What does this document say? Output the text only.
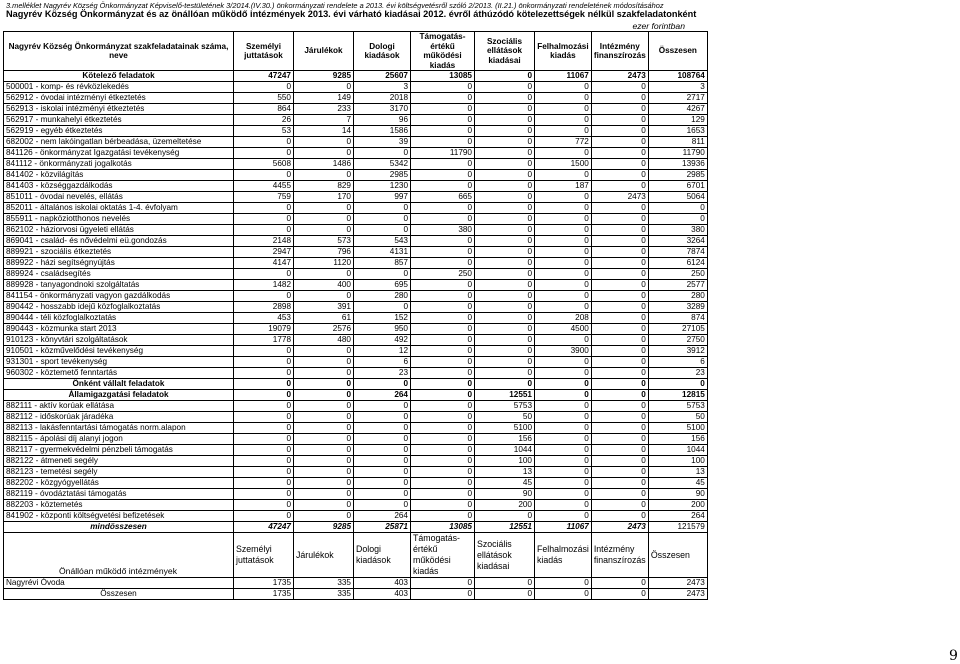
3.melléklet Nagyrév Község Önkormányzat Képviselő-testületének 3/2014.(IV.30.) önkormányzati rendelete a 2013. évi költségvetésről szóló 2/2013. (II.21.) önkormányzati rendeletének módosításához
Nagyrév Község Önkormányzat és az önállóan működő intézmények 2013. évi várható kiadásai 2012. évről áthúzódó kötelezettségek nélkül szakfeladatonként
ezer forintban
Nagyrév Község Önkormányzat szakfeladatainak száma, neve	Személyi juttatások	Járulékok	Dologi kiadások	Támogatás-értékű működési kiadás	Szociális ellátások kiadásai	Felhalmozási kiadás	Intézmény finanszírozás	Összesen
Kötelező feladatok	47247	9285	25607	13085	0	11067	2473	108764
500001 - komp- és révközlekedés	0	0	3	0	0	0	0	3
562912 - óvodai intézményi étkeztetés	550	149	2018	0	0	0	0	2717
562913 - iskolai intézményi étkeztetés	864	233	3170	0	0	0	0	4267
562917 - munkahelyi étkeztetés	26	7	96	0	0	0	0	129
562919 - egyéb étkeztetés	53	14	1586	0	0	0	0	1653
682002 - nem lakóingatlan bérbeadása, üzemeltetése	0	0	39	0	0	772	0	811
841126 - önkormányzat Igazgatási tevékenység	0	0	0	11790	0	0	0	11790
841112 - önkormányzati jogalkotás	5608	1486	5342	0	0	1500	0	13936
841402 - közvilágítás	0	0	2985	0	0	0	0	2985
841403 - községgazdálkodás	4455	829	1230	0	0	187	0	6701
851011 - óvodai nevelés, ellátás	759	170	997	665	0	0	2473	5064
852011 - általános iskolai oktatás 1-4. évfolyam	0	0	0	0	0	0	0	0
855911 - napköziotthonos nevelés	0	0	0	0	0	0	0	0
862102 - háziorvosi ügyeleti ellátás	0	0	0	380	0	0	0	380
869041 - család- és nővédelmi eü.gondozás	2148	573	543	0	0	0	0	3264
889921 - szociális étkeztetés	2947	796	4131	0	0	0	0	7874
889922 - házi segítségnyújtás	4147	1120	857	0	0	0	0	6124
889924 - családsegítés	0	0	0	250	0	0	0	250
889928 - tanyagondnoki szolgáltatás	1482	400	695	0	0	0	0	2577
841154 - önkormányzati vagyon gazdálkodás	0	0	280	0	0	0	0	280
890442 - hosszabb idejű közfoglalkoztatás	2898	391	0	0	0	0	0	3289
890444 - téli közfoglalkoztatás	453	61	152	0	0	208	0	874
890443 - közmunka start 2013	19079	2576	950	0	0	4500	0	27105
910123 - könyvtári szolgáltatások	1778	480	492	0	0	0	0	2750
910501 - közművelődési tevékenység	0	0	12	0	0	3900	0	3912
931301 - sport tevékenység	0	0	6	0	0	0	0	6
960302 - köztemető fenntartás	0	0	23	0	0	0	0	23
Önként vállalt feladatok	0	0	0	0	0	0	0	0
Államigazgatási feladatok	0	0	264	0	12551	0	0	12815
882111 - aktív korúak ellátása	0	0	0	0	5753	0	0	5753
882112 - időskorúak járadéka	0	0	0	0	50	0	0	50
882113 - lakásfenntartási támogatás norm.alapon	0	0	0	0	5100	0	0	5100
882115 - ápolási díj alanyi jogon	0	0	0	0	156	0	0	156
882117 - gyermekvédelmi pénzbeli támogatás	0	0	0	0	1044	0	0	1044
882122 - átmeneti segély	0	0	0	0	100	0	0	100
882123 - temetési segély	0	0	0	0	13	0	0	13
882202 - közgyógyellátás	0	0	0	0	45	0	0	45
882119 - óvodáztatási támogatás	0	0	0	0	90	0	0	90
882203 - köztemetés	0	0	0	0	200	0	0	200
841902 - központi költségvetési befizetések	0	0	264	0	0	0	0	264
mindösszesen	47247	9285	25871	13085	12551	11067	2473	121579
Önállóan működő intézmények	Személyi juttatások	Járulékok	Dologi kiadások	Támogatás-értékű működési kiadás	Szociális ellátások kiadásai	Felhalmozási kiadás	Intézmény finanszírozás	Összesen
Nagyrévi Óvoda	1735	335	403	0	0	0	0	2473
Összesen	1735	335	403	0	0	0	0	2473
9
